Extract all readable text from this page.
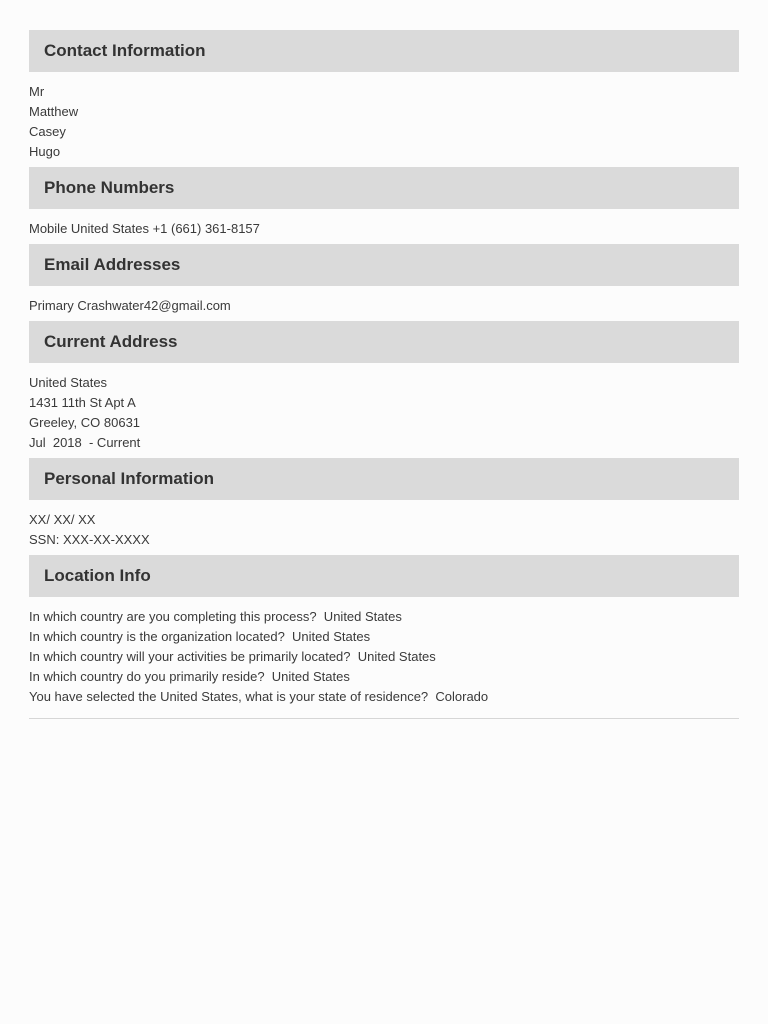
Contact Information
Mr
Matthew
Casey
Hugo
Phone Numbers
Mobile United States +1 (661) 361-8157
Email Addresses
Primary Crashwater42@gmail.com
Current Address
United States
1431 11th St Apt A
Greeley, CO 80631
Jul  2018  - Current
Personal Information
XX/ XX/ XX
SSN: XXX-XX-XXXX
Location Info
In which country are you completing this process?  United States
In which country is the organization located?  United States
In which country will your activities be primarily located?  United States
In which country do you primarily reside?  United States
You have selected the United States, what is your state of residence?  Colorado
